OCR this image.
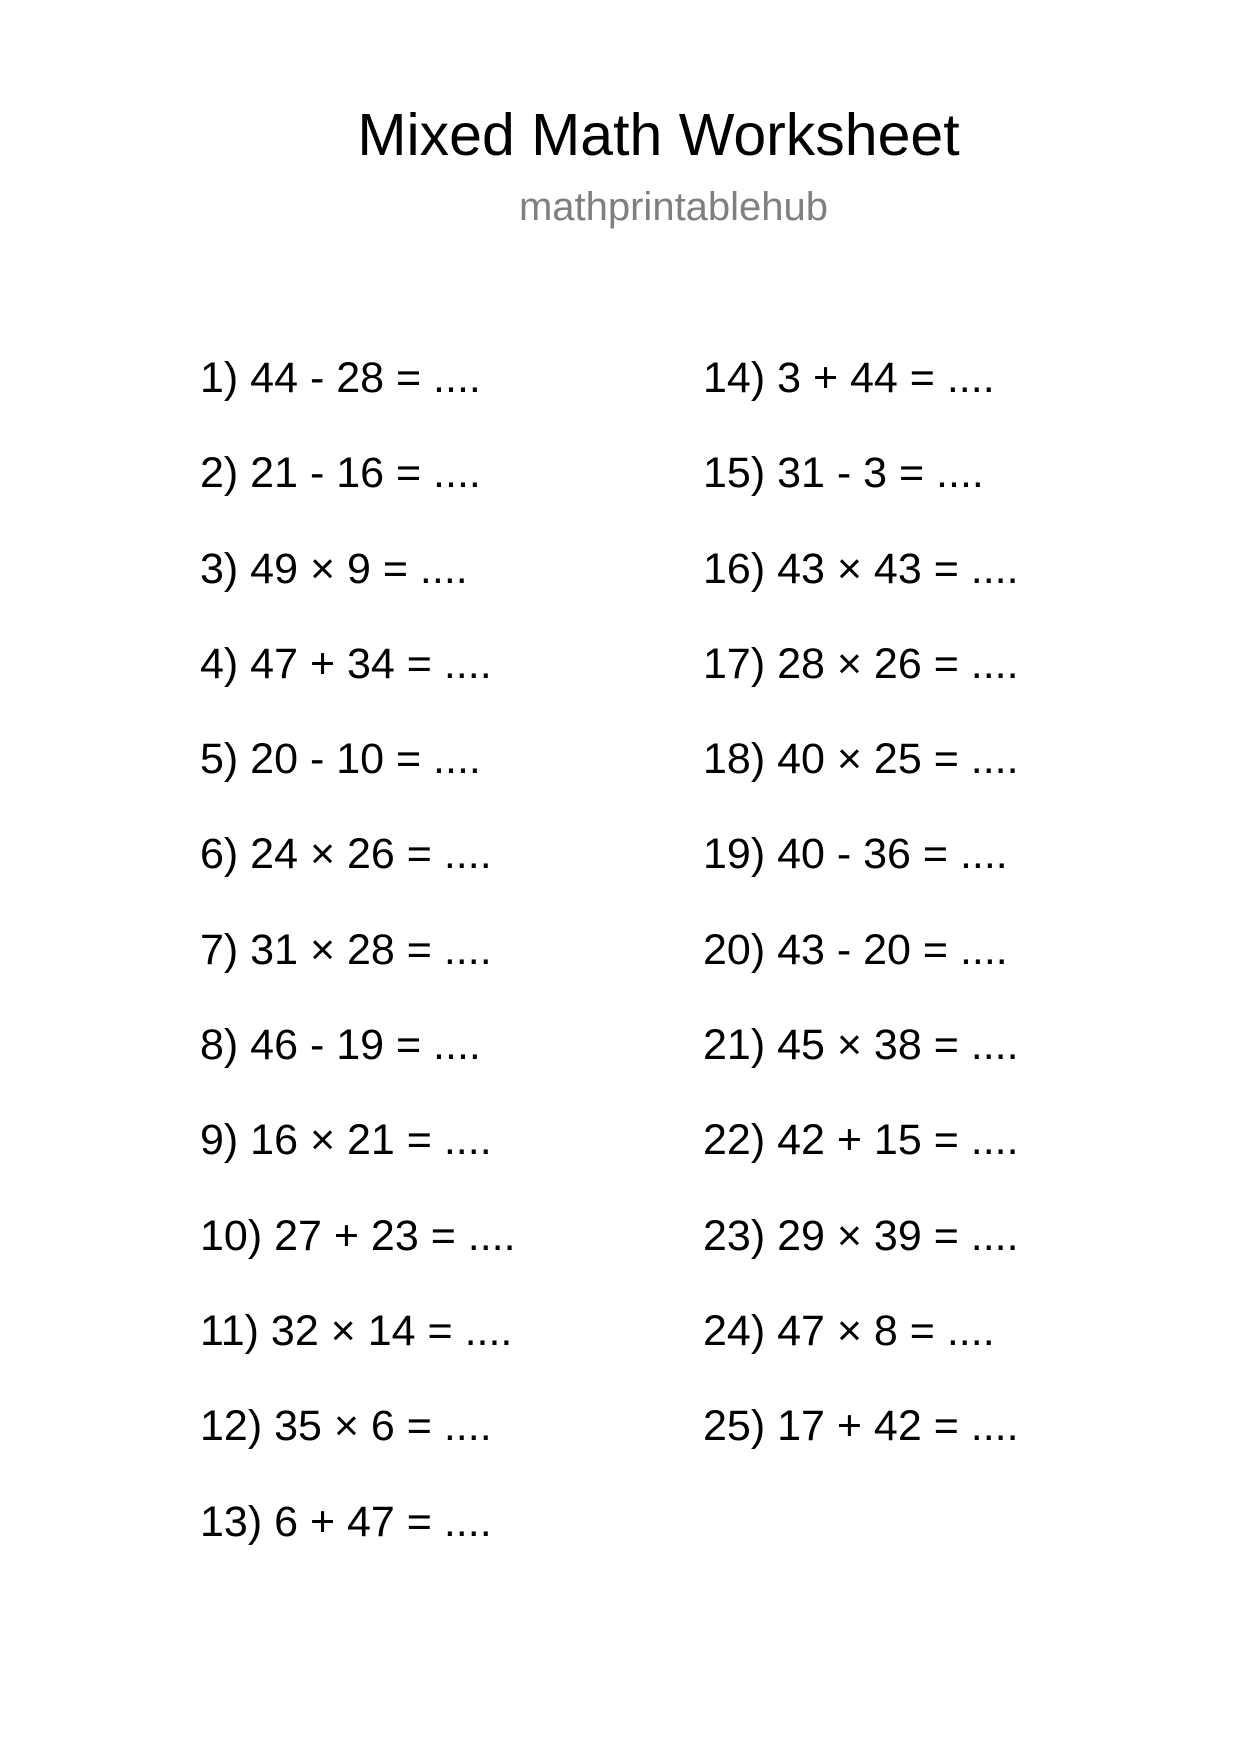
Mixed Math Worksheet
mathprintablehub
1) 44 - 28 = ....
2) 21 - 16 = ....
3) 49 × 9 = ....
4) 47 + 34 = ....
5) 20 - 10 = ....
6) 24 × 26 = ....
7) 31 × 28 = ....
8) 46 - 19 = ....
9) 16 × 21 = ....
10) 27 + 23 = ....
11) 32 × 14 = ....
12) 35 × 6 = ....
13) 6 + 47 = ....
14) 3 + 44 = ....
15) 31 - 3 = ....
16) 43 × 43 = ....
17) 28 × 26 = ....
18) 40 × 25 = ....
19) 40 - 36 = ....
20) 43 - 20 = ....
21) 45 × 38 = ....
22) 42 + 15 = ....
23) 29 × 39 = ....
24) 47 × 8 = ....
25) 17 + 42 = ....
